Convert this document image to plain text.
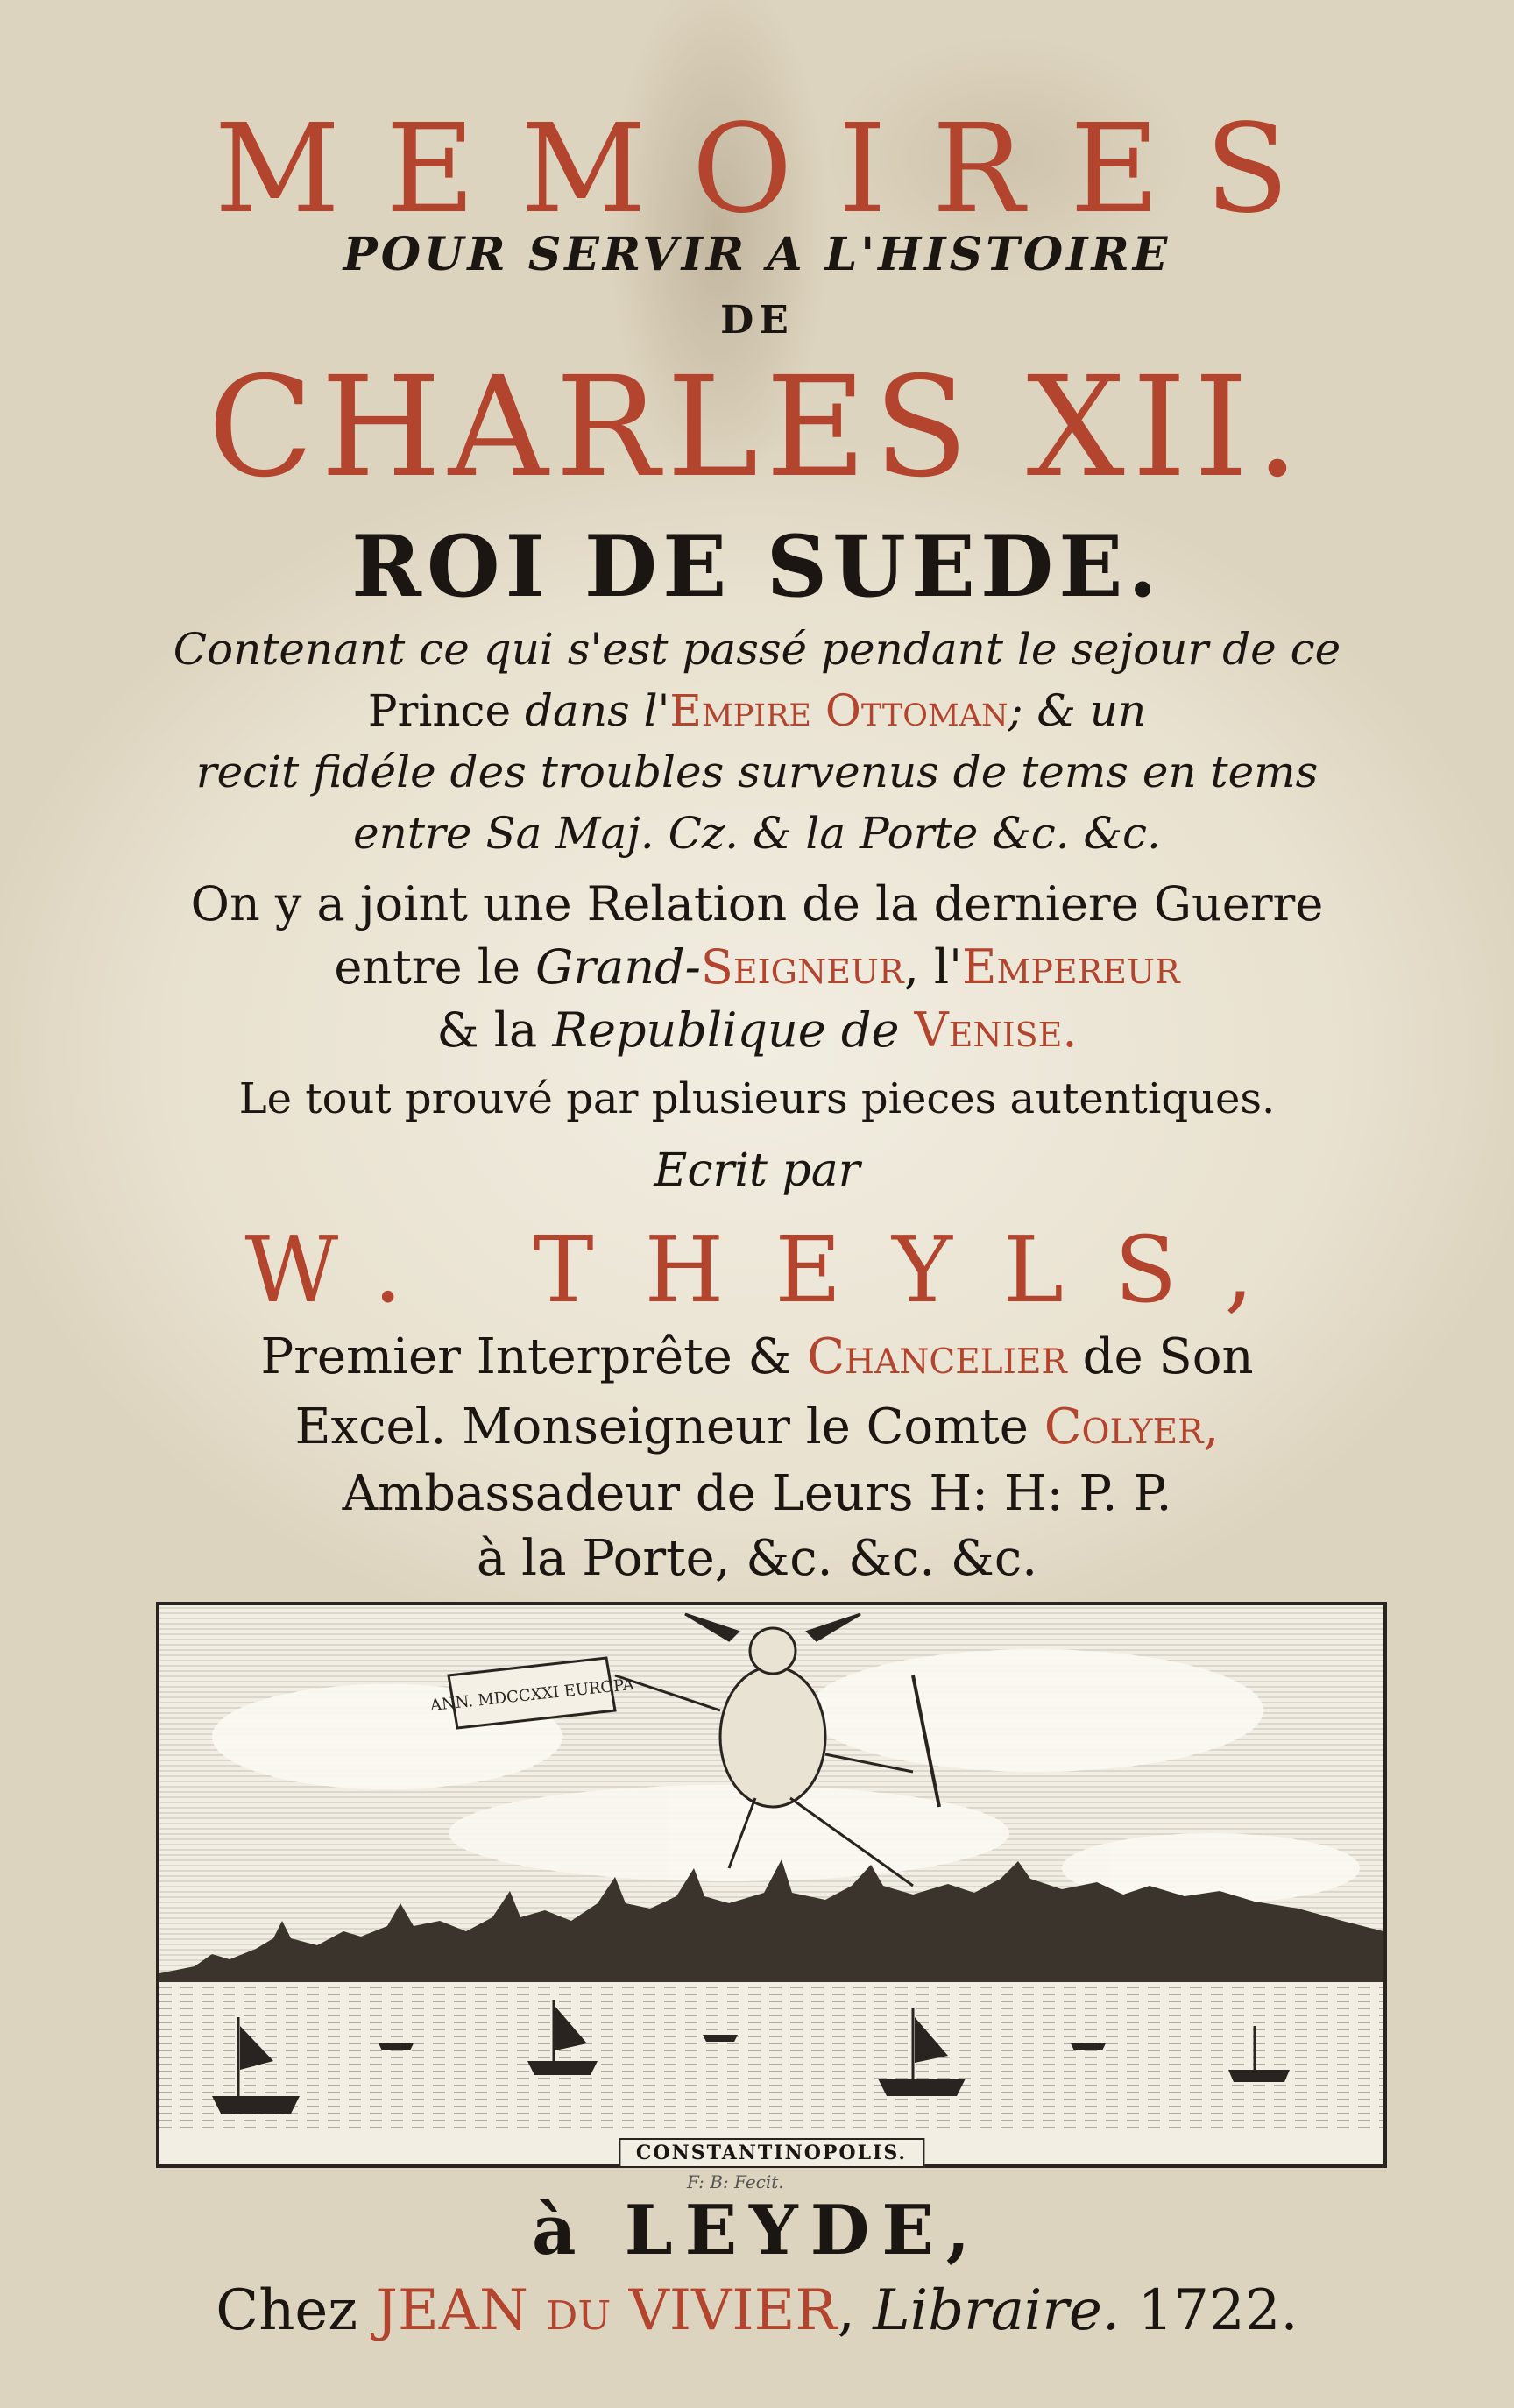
MEMOIRES
POUR SERVIR A L'HISTOIRE
DE
CHARLES XII.
ROI DE SUEDE.
Contenant ce qui s'est passé pendant le sejour de ce
Prince dans l'Empire Ottoman; & un
recit fidéle des troubles survenus de tems en tems
entre Sa Maj. Cz. & la Porte &c. &c.
On y a joint une Relation de la derniere Guerre
entre le Grand-Seigneur, l'Empereur
& la Republique de Venise.
Le tout prouvé par plusieurs pieces autentiques.
Ecrit par
W. THEYLS,
Premier Interprête & Chancelier de Son
Excel. Monseigneur le Comte Colyer,
Ambassadeur de Leurs H: H: P. P.
à la Porte, &c. &c. &c.
ANN. MDCCXXI EUROPA
CONSTANTINOPOLIS.
F: B: Fecit.
à LEYDE,
Chez JEAN du VIVIER, Libraire. 1722.
